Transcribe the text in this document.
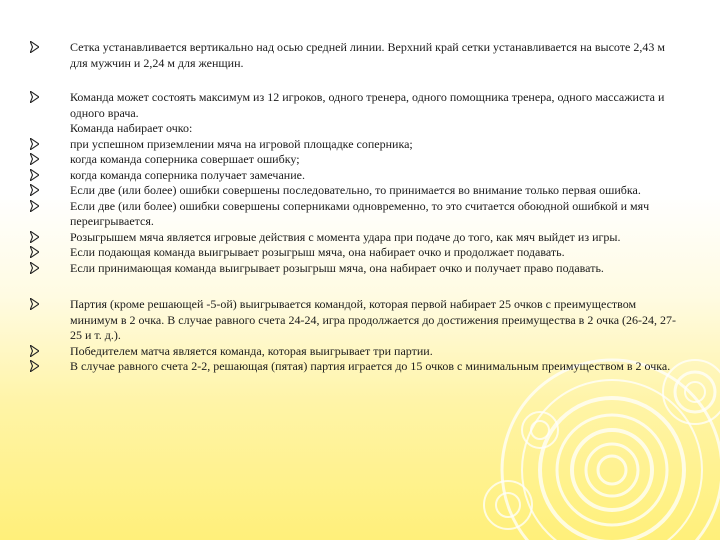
Сетка устанавливается вертикально над осью средней линии. Верхний край сетки устанавливается на высоте 2,43 м для мужчин и 2,24 м для женщин.
Команда может состоять максимум из 12 игроков, одного тренера, одного помощника тренера, одного массажиста и одного врача.
Команда набирает очко:
при успешном приземлении мяча на игровой площадке соперника;
когда команда соперника совершает ошибку;
когда команда соперника получает замечание.
Если две (или более) ошибки совершены последовательно, то принимается во внимание только первая ошибка.
Если две (или более) ошибки совершены соперниками одновременно, то это считается обоюдной ошибкой и мяч переигрывается.
Розыгрышем мяча является игровые действия с момента удара при подаче до того, как мяч выйдет из игры.
Если подающая команда выигрывает розыгрыш мяча, она набирает очко и продолжает подавать.
Если принимающая команда выигрывает розыгрыш мяча, она набирает очко и получает право подавать.
Партия (кроме решающей -5-ой) выигрывается командой, которая первой набирает 25 очков с преимуществом минимум в 2 очка. В случае равного счета 24-24, игра продолжается до достижения преимущества в 2 очка (26-24, 27-25 и т. д.).
Победителем матча является команда, которая выигрывает три партии.
В случае равного счета 2-2, решающая (пятая) партия играется до 15 очков с минимальным преимуществом в 2 очка.
